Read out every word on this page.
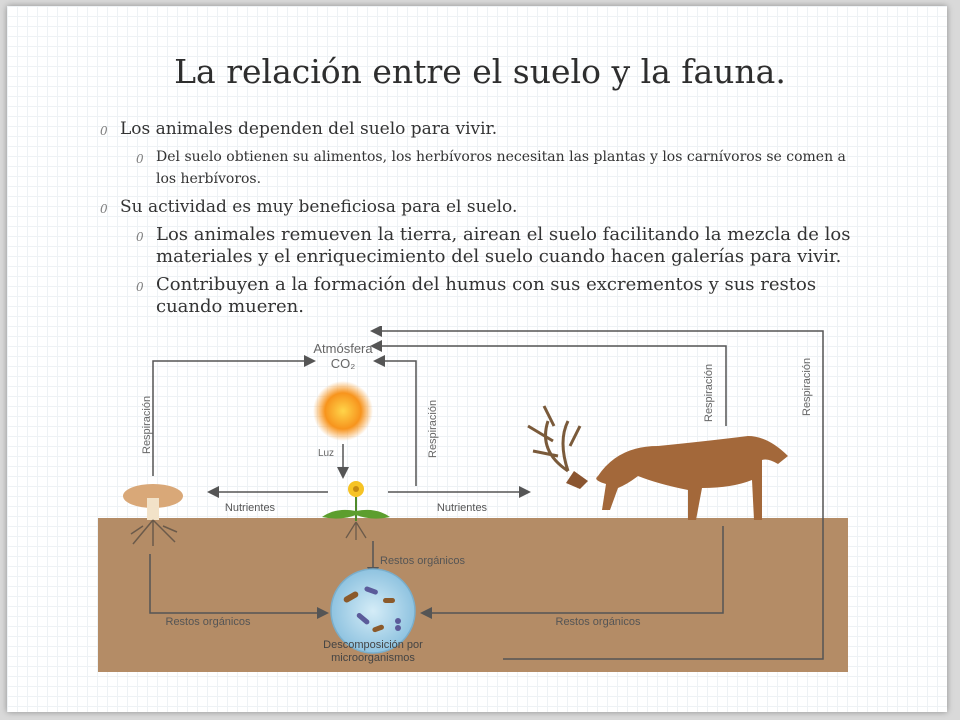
La relación entre el suelo y la fauna.
0 Los animales dependen del suelo para vivir.
0 Del suelo obtienen su alimentos, los herbívoros necesitan las plantas y los carnívoros se comen a los herbívoros.
0 Su actividad es muy beneficiosa para el suelo.
0 Los animales remueven la tierra, airean el suelo facilitando la mezcla de los materiales y el enriquecimiento del suelo cuando hacen galerías para vivir.
0 Contribuyen a la formación del humus con sus excrementos y sus restos cuando mueren.
Atmósfera
CO₂
Luz
Respiración	Respiración
Respiración	Respiración
Nutrientes	Nutrientes
Restos orgánicos
Restos orgánicos	Restos orgánicos
Descomposición por
microorganismos
